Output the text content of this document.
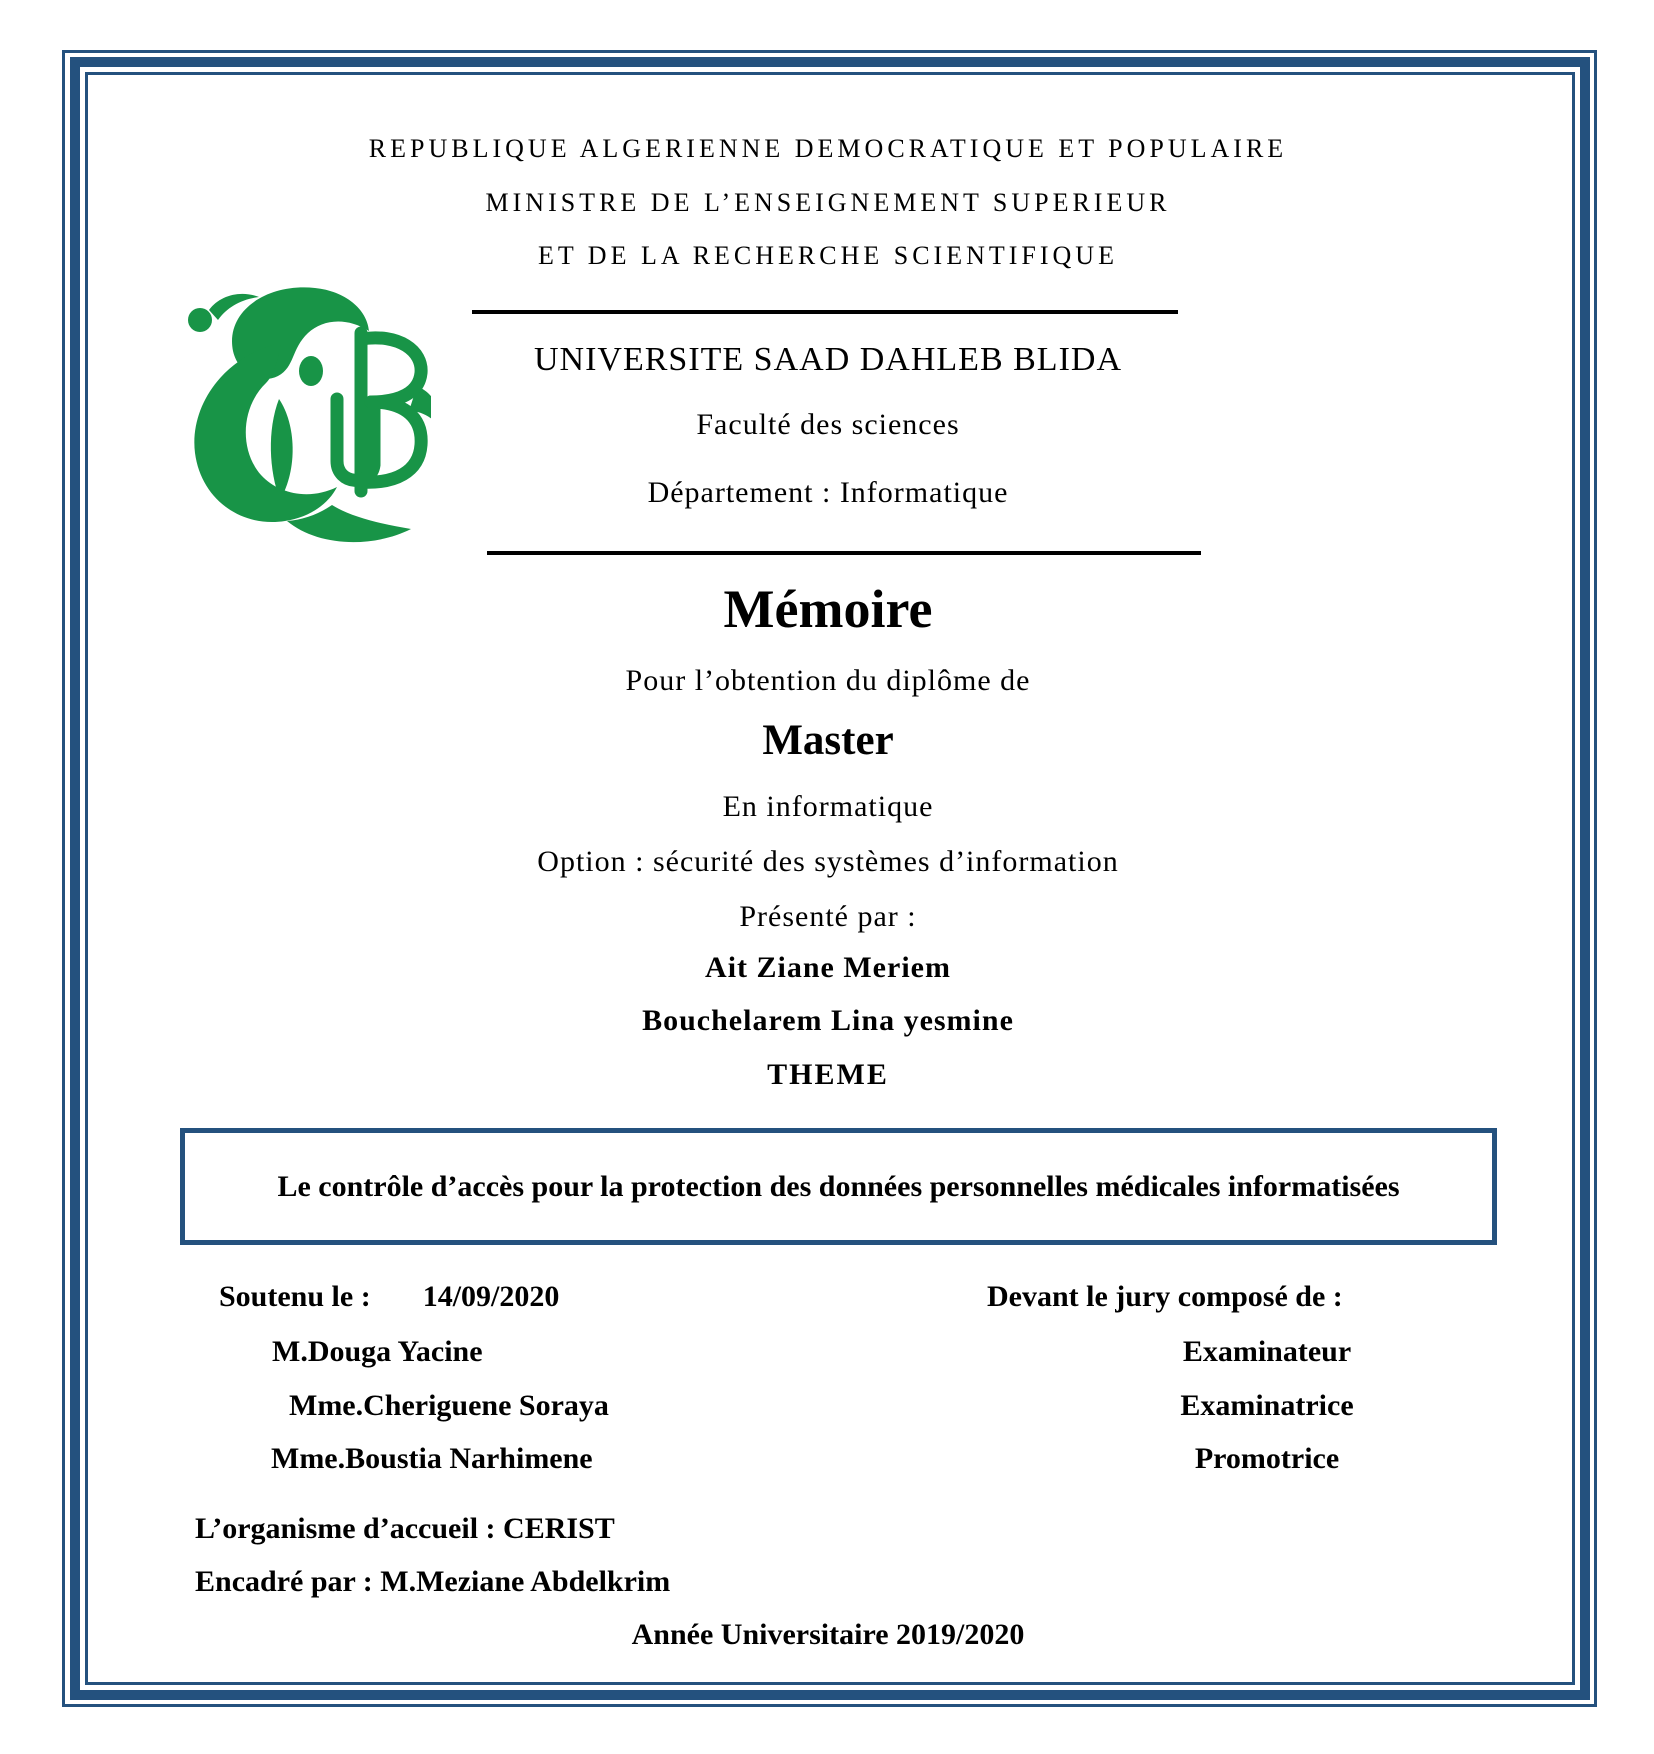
REPUBLIQUE ALGERIENNE DEMOCRATIQUE ET POPULAIRE
MINISTRE DE L’ENSEIGNEMENT SUPERIEUR
ET DE LA RECHERCHE SCIENTIFIQUE
UNIVERSITE SAAD DAHLEB BLIDA
Faculté des sciences
Département : Informatique
Mémoire
Pour l’obtention du diplôme de
Master
En informatique
Option : sécurité des systèmes d’information
Présenté par :
Ait Ziane Meriem
Bouchelarem Lina yesmine
THEME
Le contrôle d’accès pour la protection des données personnelles médicales informatisées
Soutenu le : 14/09/2020	Devant le jury composé de :
M.Douga Yacine	Examinateur
Mme.Cheriguene Soraya	Examinatrice
Mme.Boustia Narhimene	Promotrice
L’organisme d’accueil : CERIST
Encadré par : M.Meziane Abdelkrim
Année Universitaire 2019/2020
